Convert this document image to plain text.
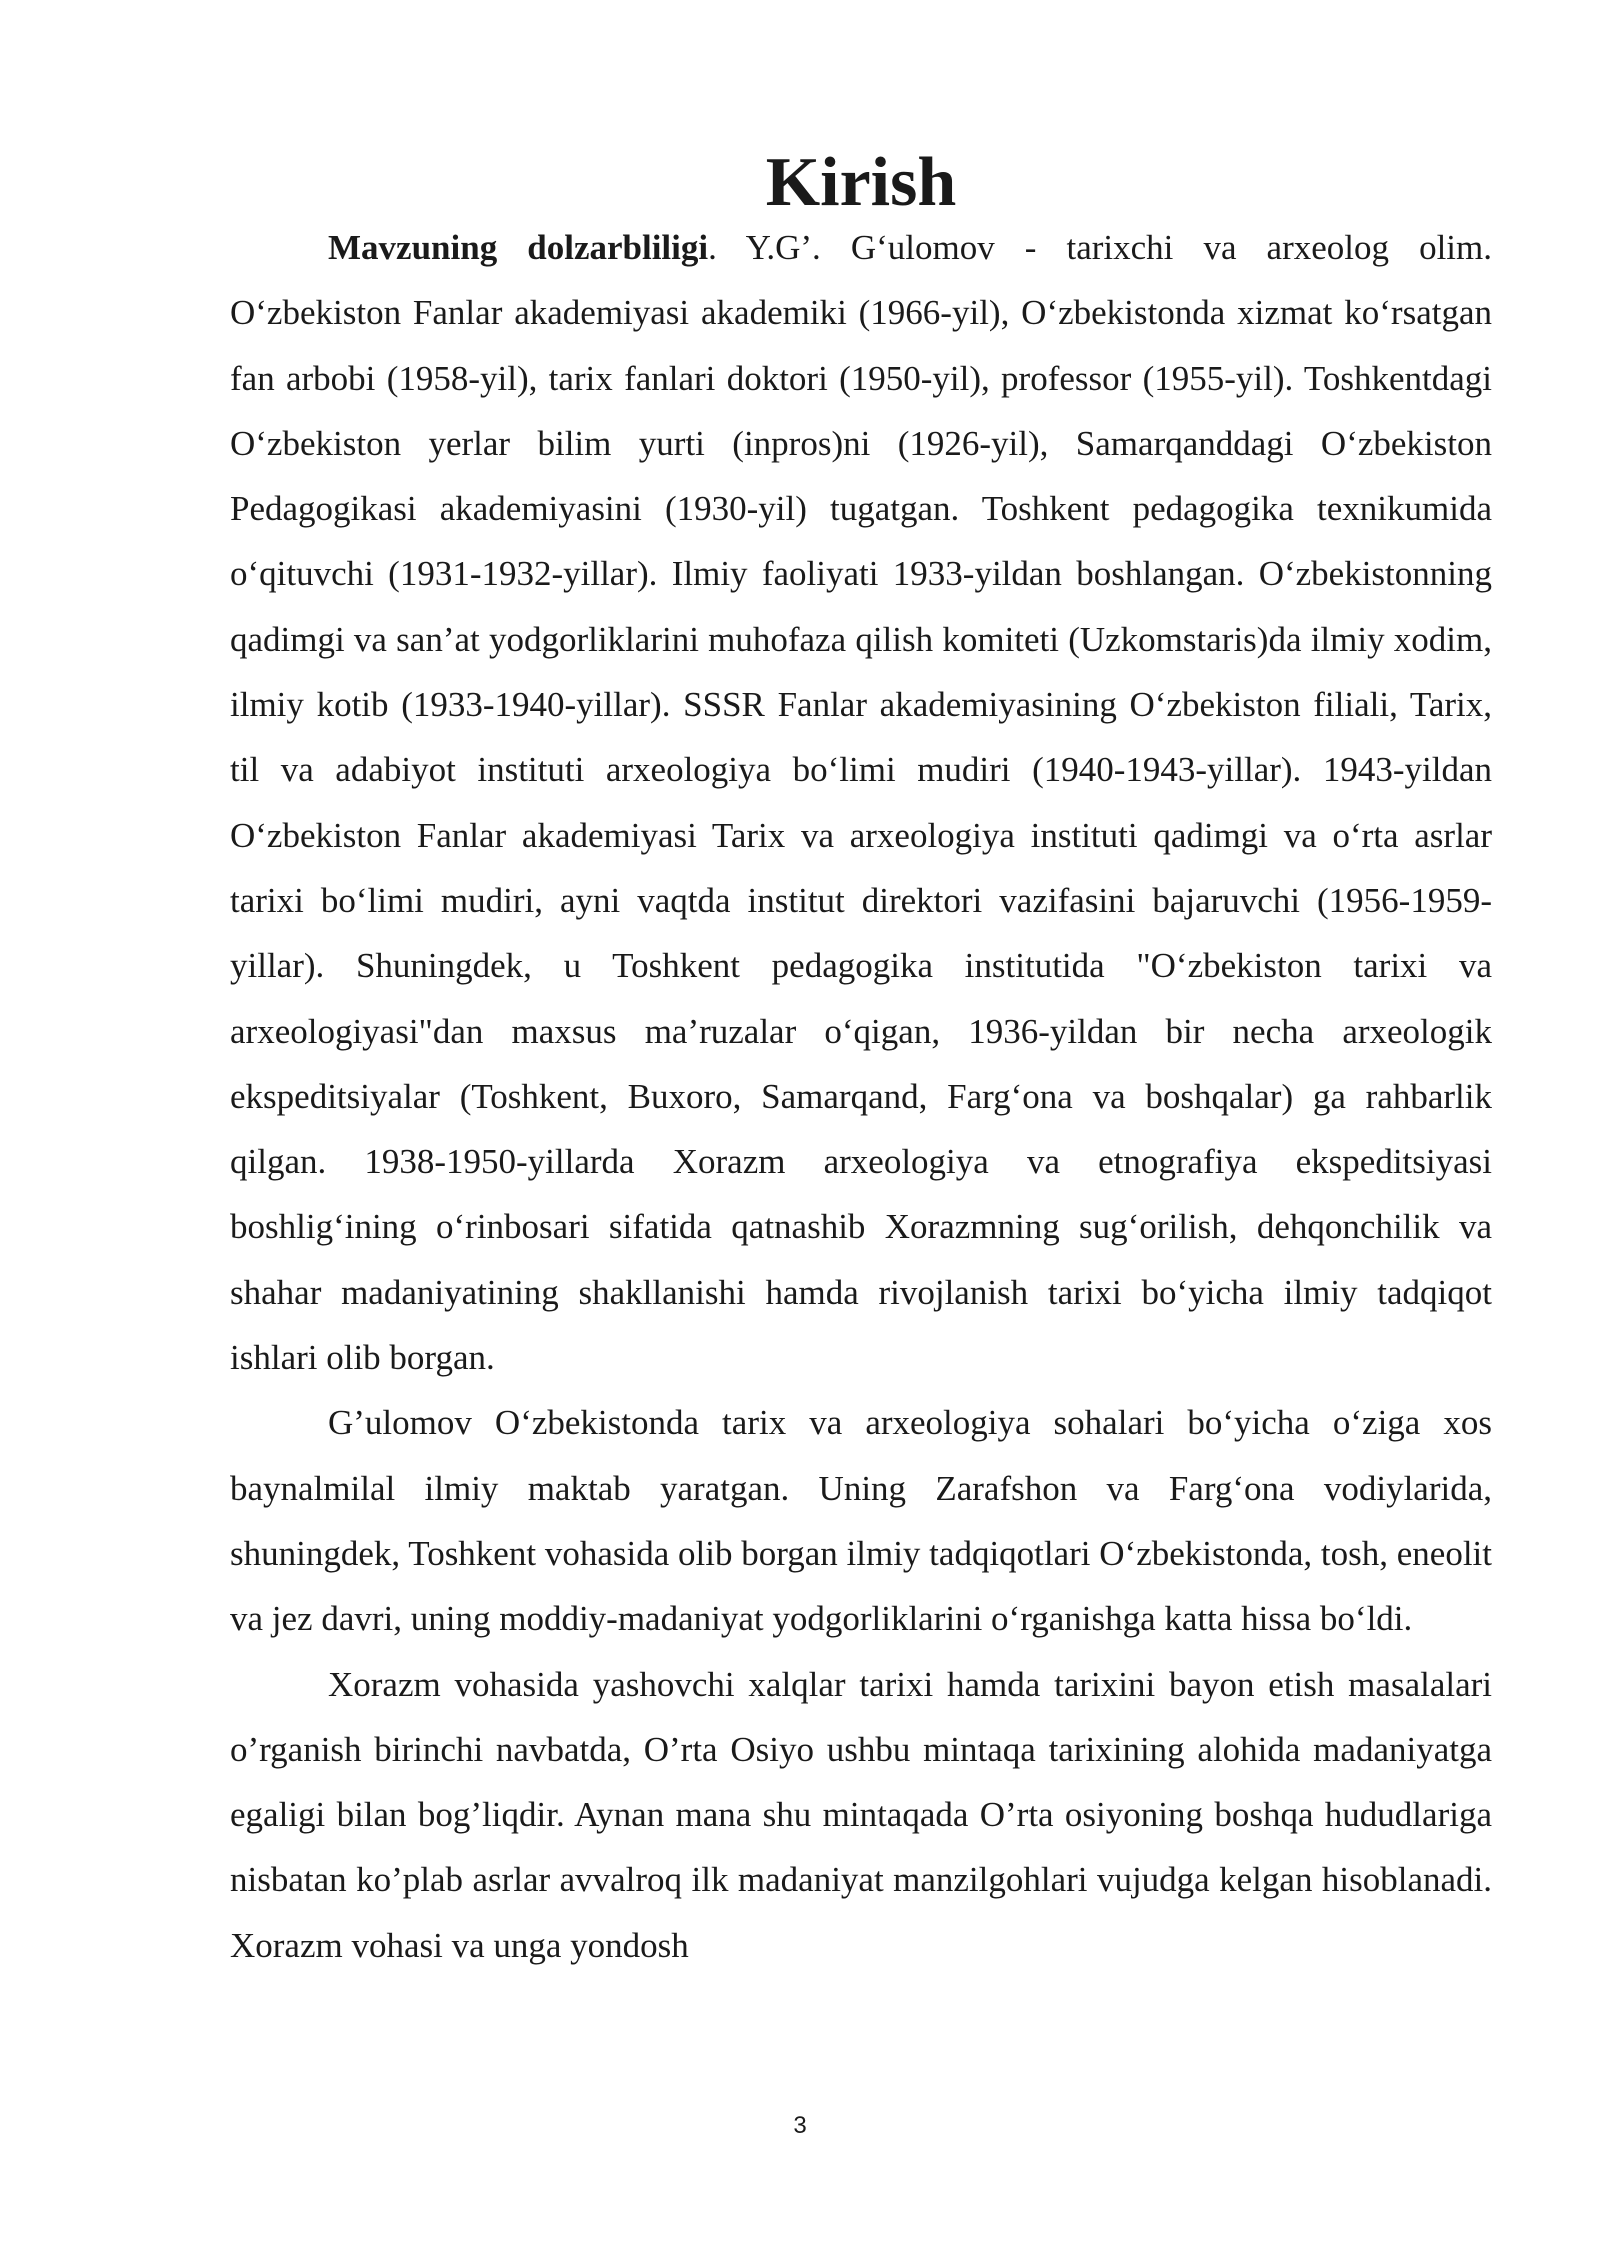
Kirish

Mavzuning dolzarbliligi. Y.G’. G‘ulomov - tarixchi va arxeolog olim. O‘zbekiston Fanlar akademiyasi akademiki (1966-yil), O‘zbekistonda xizmat ko‘rsatgan fan arbobi (1958-yil), tarix fanlari doktori (1950-yil), professor (1955-yil). Toshkentdagi O‘zbekiston yerlar bilim yurti (inpros)ni (1926-yil), Samarqanddagi O‘zbekiston Pedagogikasi akademiyasini (1930-yil) tugatgan. Toshkent pedagogika texnikumida o‘qituvchi (1931-1932-yillar). Ilmiy faoliyati 1933-yildan boshlangan. O‘zbekistonning qadimgi va san’at yodgorliklarini muhofaza qilish komiteti (Uzkomstaris)da ilmiy xodim, ilmiy kotib (1933-1940-yillar). SSSR Fanlar akademiyasining O‘zbekiston filiali, Tarix, til va adabiyot instituti arxeologiya bo‘limi mudiri (1940-1943-yillar). 1943-yildan O‘zbekiston Fanlar akademiyasi Tarix va arxeologiya instituti qadimgi va o‘rta asrlar tarixi bo‘limi mudiri, ayni vaqtda institut direktori vazifasini bajaruvchi (1956-1959-yillar). Shuningdek, u Toshkent pedagogika institutida "O‘zbekiston tarixi va arxeologiyasi"dan maxsus ma’ruzalar o‘qigan, 1936-yildan bir necha arxeologik ekspeditsiyalar (Toshkent, Buxoro, Samarqand, Farg‘ona va boshqalar) ga rahbarlik qilgan. 1938-1950-yillarda Xorazm arxeologiya va etnografiya ekspeditsiyasi boshlig‘ining o‘rinbosari sifatida qatnashib Xorazmning sug‘orilish, dehqonchilik va shahar madaniyatining shakllanishi hamda rivojlanish tarixi bo‘yicha ilmiy tadqiqot ishlari olib borgan.

G’ulomov O‘zbekistonda tarix va arxeologiya sohalari bo‘yicha o‘ziga xos baynalmilal ilmiy maktab yaratgan. Uning Zarafshon va Farg‘ona vodiylarida, shuningdek, Toshkent vohasida olib borgan ilmiy tadqiqotlari O‘zbekistonda, tosh, eneolit va jez davri, uning moddiy-madaniyat yodgorliklarini o‘rganishga katta hissa bo‘ldi.

Xorazm vohasida yashovchi xalqlar tarixi hamda tarixini bayon etish masalalari o’rganish birinchi navbatda, O’rta Osiyo ushbu mintaqa tarixining alohida madaniyatga egaligi bilan bog’liqdir. Aynan mana shu mintaqada O’rta osiyoning boshqa hududlariga nisbatan ko’plab asrlar avvalroq ilk madaniyat manzilgohlari vujudga kelgan hisoblanadi. Xorazm vohasi va unga yondosh

3
